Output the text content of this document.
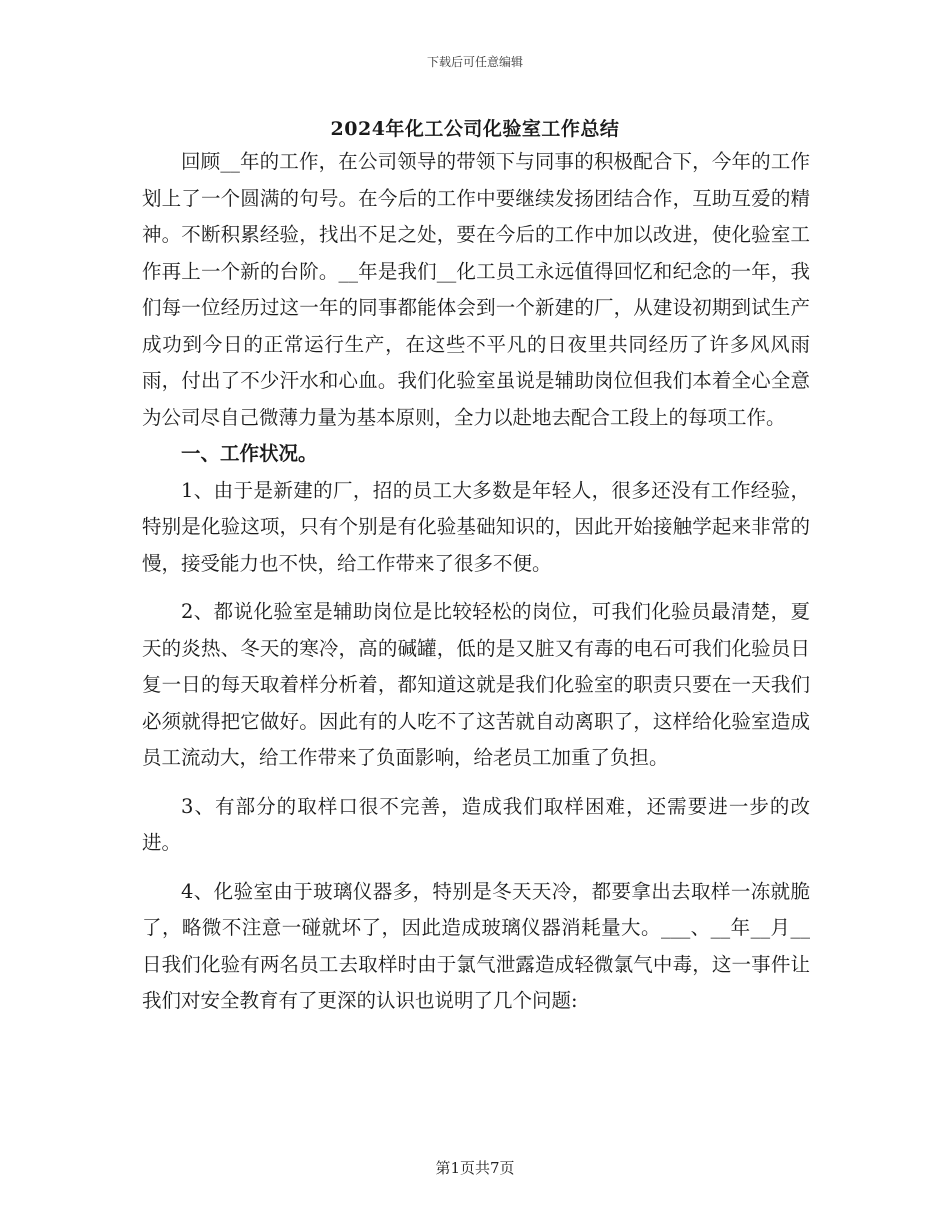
下载后可任意编辑
2024年化工公司化验室工作总结

回顾__年的工作，在公司领导的带领下与同事的积极配合下，今年的工作划上了一个圆满的句号。在今后的工作中要继续发扬团结合作，互助互爱的精神。不断积累经验，找出不足之处，要在今后的工作中加以改进，使化验室工作再上一个新的台阶。__年是我们__化工员工永远值得回忆和纪念的一年，我们每一位经历过这一年的同事都能体会到一个新建的厂，从建设初期到试生产成功到今日的正常运行生产，在这些不平凡的日夜里共同经历了许多风风雨雨，付出了不少汗水和心血。我们化验室虽说是辅助岗位但我们本着全心全意为公司尽自己微薄力量为基本原则，全力以赴地去配合工段上的每项工作。

一、工作状况。

1、由于是新建的厂，招的员工大多数是年轻人，很多还没有工作经验，特别是化验这项，只有个别是有化验基础知识的，因此开始接触学起来非常的慢，接受能力也不快，给工作带来了很多不便。

2、都说化验室是辅助岗位是比较轻松的岗位，可我们化验员最清楚，夏天的炎热、冬天的寒冷，高的碱罐，低的是又脏又有毒的电石可我们化验员日复一日的每天取着样分析着，都知道这就是我们化验室的职责只要在一天我们必须就得把它做好。因此有的人吃不了这苦就自动离职了，这样给化验室造成员工流动大，给工作带来了负面影响，给老员工加重了负担。

3、有部分的取样口很不完善，造成我们取样困难，还需要进一步的改进。

4、化验室由于玻璃仪器多，特别是冬天天冷，都要拿出去取样一冻就脆了，略微不注意一碰就坏了，因此造成玻璃仪器消耗量大。___、__年__月__日我们化验有两名员工去取样时由于氯气泄露造成轻微氯气中毒，这一事件让我们对安全教育有了更深的认识也说明了几个问题:

第1页共7页
